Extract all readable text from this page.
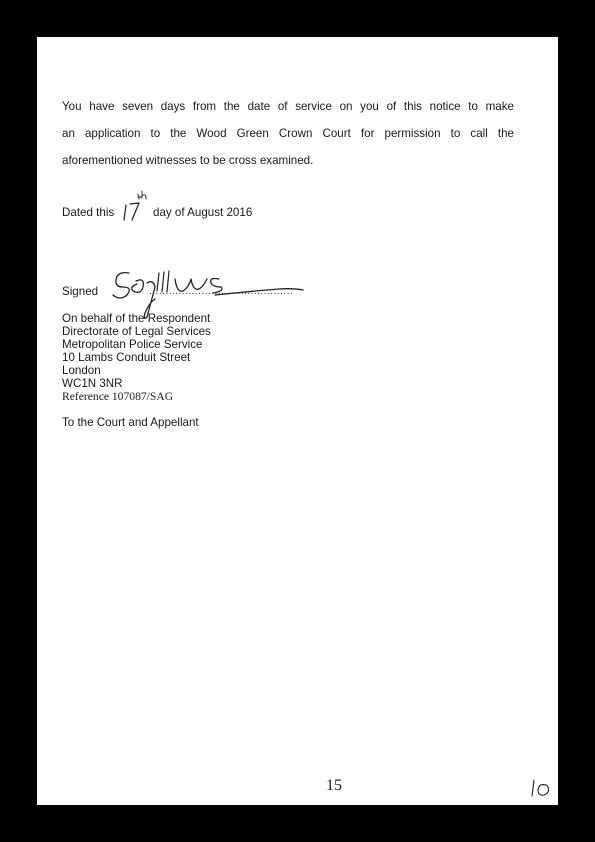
You have seven days from the date of service on you of this notice to make
an application to the Wood Green Crown Court for permission to call the
aforementioned witnesses to be cross examined.
Dated this	day of August 2016
Signed	............................................
On behalf of the Respondent
Directorate of Legal Services
Metropolitan Police Service
10 Lambs Conduit Street
London
WC1N 3NR
Reference 107087/SAG
To the Court and Appellant
15
